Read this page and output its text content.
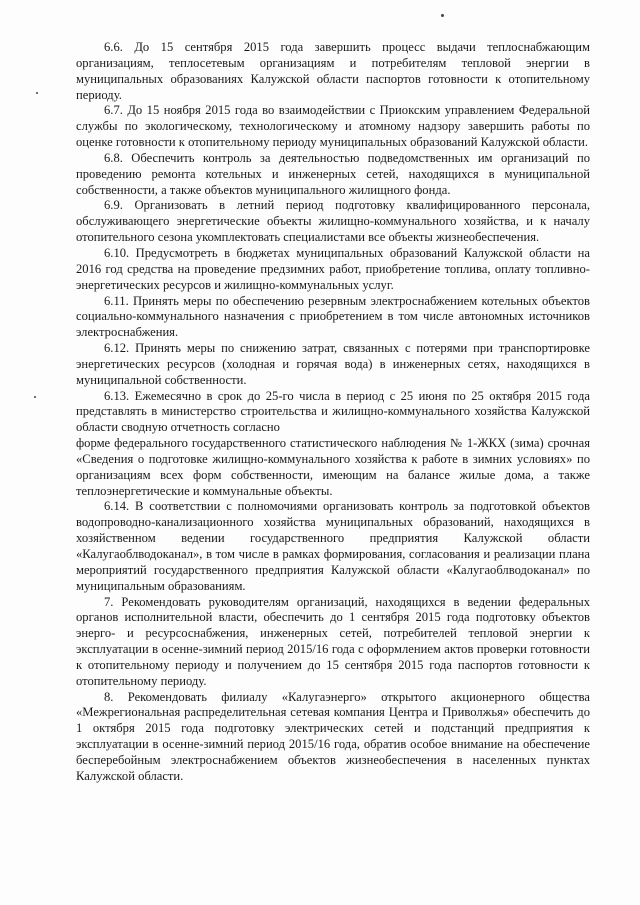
6.6. До 15 сентября 2015 года завершить процесс выдачи теплоснабжающим организациям, теплосетевым организациям и потребителям тепловой энергии в муниципальных образованиях Калужской области паспортов готовности к отопительному периоду.

6.7. До 15 ноября 2015 года во взаимодействии с Приокским управлением Федеральной службы по экологическому, технологическому и атомному надзору завершить работы по оценке готовности к отопительному периоду муниципальных образований Калужской области.

6.8. Обеспечить контроль за деятельностью подведомственных им организаций по проведению ремонта котельных и инженерных сетей, находящихся в муниципальной собственности, а также объектов муниципального жилищного фонда.

6.9. Организовать в летний период подготовку квалифицированного персонала, обслуживающего энергетические объекты жилищно-коммунального хозяйства, и к началу отопительного сезона укомплектовать специалистами все объекты жизнеобеспечения.

6.10. Предусмотреть в бюджетах муниципальных образований Калужской области на 2016 год средства на проведение предзимних работ, приобретение топлива, оплату топливно-энергетических ресурсов и жилищно-коммунальных услуг.

6.11. Принять меры по обеспечению резервным электроснабжением котельных объектов социально-коммунального назначения с приобретением в том числе автономных источников электроснабжения.

6.12. Принять меры по снижению затрат, связанных с потерями при транспортировке энергетических ресурсов (холодная и горячая вода) в инженерных сетях, находящихся в муниципальной собственности.

6.13. Ежемесячно в срок до 25-го числа в период с 25 июня по 25 октября 2015 года представлять в министерство строительства и жилищно-коммунального хозяйства Калужской области сводную отчетность согласно

форме федерального государственного статистического наблюдения № 1-ЖКХ (зима) срочная «Сведения о подготовке жилищно-коммунального хозяйства к работе в зимних условиях» по организациям всех форм собственности, имеющим на балансе жилые дома, а также теплоэнергетические и коммунальные объекты.

6.14. В соответствии с полномочиями организовать контроль за подготовкой объектов водопроводно-канализационного хозяйства муниципальных образований, находящихся в хозяйственном ведении государственного предприятия Калужской области «Калугаоблводоканал», в том числе в рамках формирования, согласования и реализации плана мероприятий государственного предприятия Калужской области «Калугаоблводоканал» по муниципальным образованиям.

7. Рекомендовать руководителям организаций, находящихся в ведении федеральных органов исполнительной власти, обеспечить до 1 сентября 2015 года подготовку объектов энерго- и ресурсоснабжения, инженерных сетей, потребителей тепловой энергии к эксплуатации в осенне-зимний период 2015/16 года с оформлением актов проверки готовности к отопительному периоду и получением до 15 сентября 2015 года паспортов готовности к отопительному периоду.

8. Рекомендовать филиалу «Калугаэнерго» открытого акционерного общества «Межрегиональная распределительная сетевая компания Центра и Приволжья» обеспечить до 1 октября 2015 года подготовку электрических сетей и подстанций предприятия к эксплуатации в осенне-зимний период 2015/16 года, обратив особое внимание на обеспечение бесперебойным электроснабжением объектов жизнеобеспечения в населенных пунктах Калужской области.
